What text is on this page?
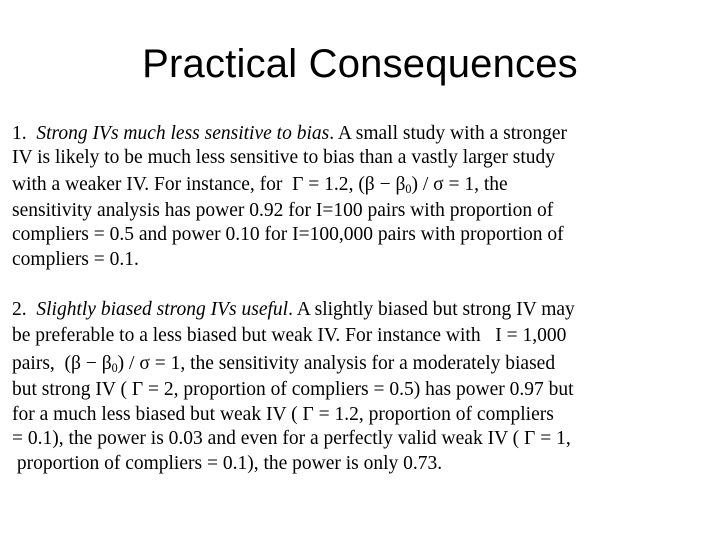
Practical Consequences
1. Strong IVs much less sensitive to bias. A small study with a stronger
IV is likely to be much less sensitive to bias than a vastly larger study
with a weaker IV. For instance, for Γ = 1.2, $(\beta - \beta_0) / \sigma = 1$, the
sensitivity analysis has power 0.92 for I=100 pairs with proportion of
compliers = 0.5 and power 0.10 for I=100,000 pairs with proportion of
compliers = 0.1.
2. Slightly biased strong IVs useful. A slightly biased but strong IV may
be preferable to a less biased but weak IV. For instance with I = 1,000
pairs, $(\beta - \beta_0) / \sigma = 1$, the sensitivity analysis for a moderately biased
but strong IV ( Γ = 2, proportion of compliers = 0.5) has power 0.97 but
for a much less biased but weak IV ( Γ = 1.2, proportion of compliers
= 0.1), the power is 0.03 and even for a perfectly valid weak IV ( Γ = 1,
proportion of compliers = 0.1), the power is only 0.73.
